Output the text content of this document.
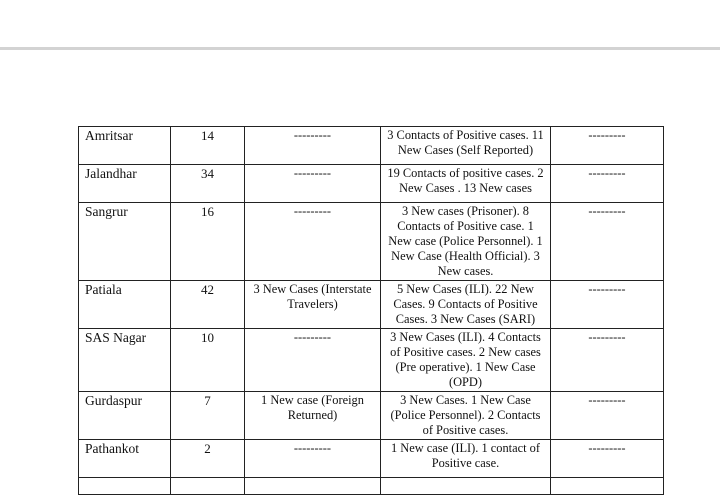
Amritsar	14	---------	3 Contacts of Positive cases. 11 New Cases (Self Reported)	---------
Jalandhar	34	---------	19 Contacts of positive cases. 2 New Cases . 13 New cases	---------
Sangrur	16	---------	3 New cases (Prisoner). 8 Contacts of Positive case. 1 New case (Police Personnel). 1 New Case (Health Official). 3 New cases.	---------
Patiala	42	3 New Cases (Interstate Travelers)	5 New Cases (ILI). 22 New Cases. 9 Contacts of Positive Cases. 3 New Cases (SARI)	---------
SAS Nagar	10	---------	3 New Cases (ILI). 4 Contacts of Positive cases. 2 New cases (Pre operative). 1 New Case (OPD)	---------
Gurdaspur	7	1 New case (Foreign Returned)	3 New Cases. 1 New Case (Police Personnel). 2 Contacts of Positive cases.	---------
Pathankot	2	---------	1 New case (ILI). 1 contact of Positive case.	---------
